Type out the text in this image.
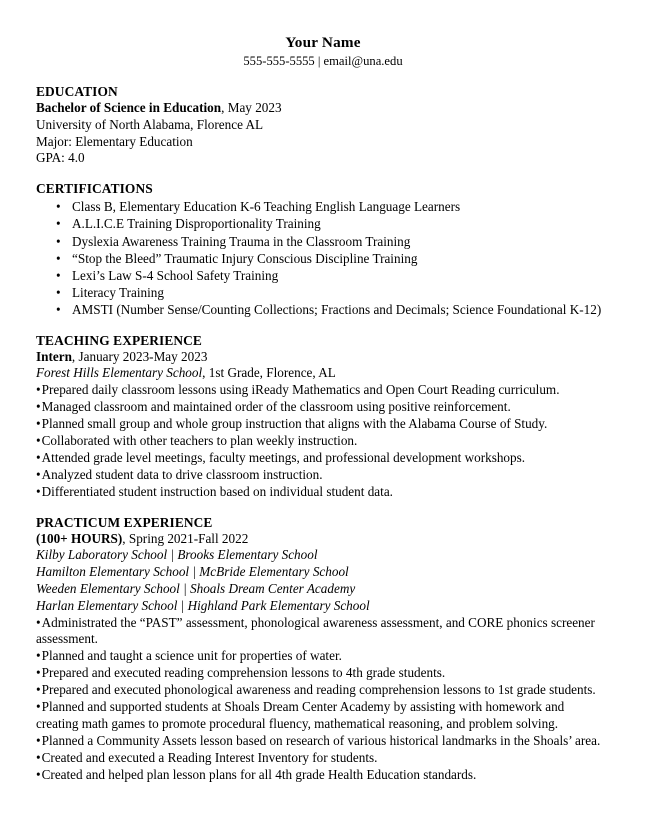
Your Name
555-555-5555 | email@una.edu
EDUCATION
Bachelor of Science in Education, May 2023
University of North Alabama, Florence AL
Major: Elementary Education
GPA: 4.0
CERTIFICATIONS
• Class B, Elementary Education K-6 Teaching English Language Learners
• A.L.I.C.E Training Disproportionality Training
• Dyslexia Awareness Training Trauma in the Classroom Training
• “Stop the Bleed” Traumatic Injury Conscious Discipline Training
• Lexi’s Law S-4 School Safety Training
• Literacy Training
• AMSTI (Number Sense/Counting Collections; Fractions and Decimals; Science Foundational K-12)
TEACHING EXPERIENCE
Intern, January 2023-May 2023
Forest Hills Elementary School, 1st Grade, Florence, AL
•Prepared daily classroom lessons using iReady Mathematics and Open Court Reading curriculum.
•Managed classroom and maintained order of the classroom using positive reinforcement.
•Planned small group and whole group instruction that aligns with the Alabama Course of Study.
•Collaborated with other teachers to plan weekly instruction.
•Attended grade level meetings, faculty meetings, and professional development workshops.
•Analyzed student data to drive classroom instruction.
•Differentiated student instruction based on individual student data.
PRACTICUM EXPERIENCE
(100+ HOURS), Spring 2021-Fall 2022
Kilby Laboratory School | Brooks Elementary School
Hamilton Elementary School | McBride Elementary School
Weeden Elementary School | Shoals Dream Center Academy
Harlan Elementary School | Highland Park Elementary School
•Administrated the “PAST” assessment, phonological awareness assessment, and CORE phonics screener assessment.
•Planned and taught a science unit for properties of water.
•Prepared and executed reading comprehension lessons to 4th grade students.
•Prepared and executed phonological awareness and reading comprehension lessons to 1st grade students.
•Planned and supported students at Shoals Dream Center Academy by assisting with homework and creating math games to promote procedural fluency, mathematical reasoning, and problem solving.
•Planned a Community Assets lesson based on research of various historical landmarks in the Shoals’ area.
•Created and executed a Reading Interest Inventory for students.
•Created and helped plan lesson plans for all 4th grade Health Education standards.
